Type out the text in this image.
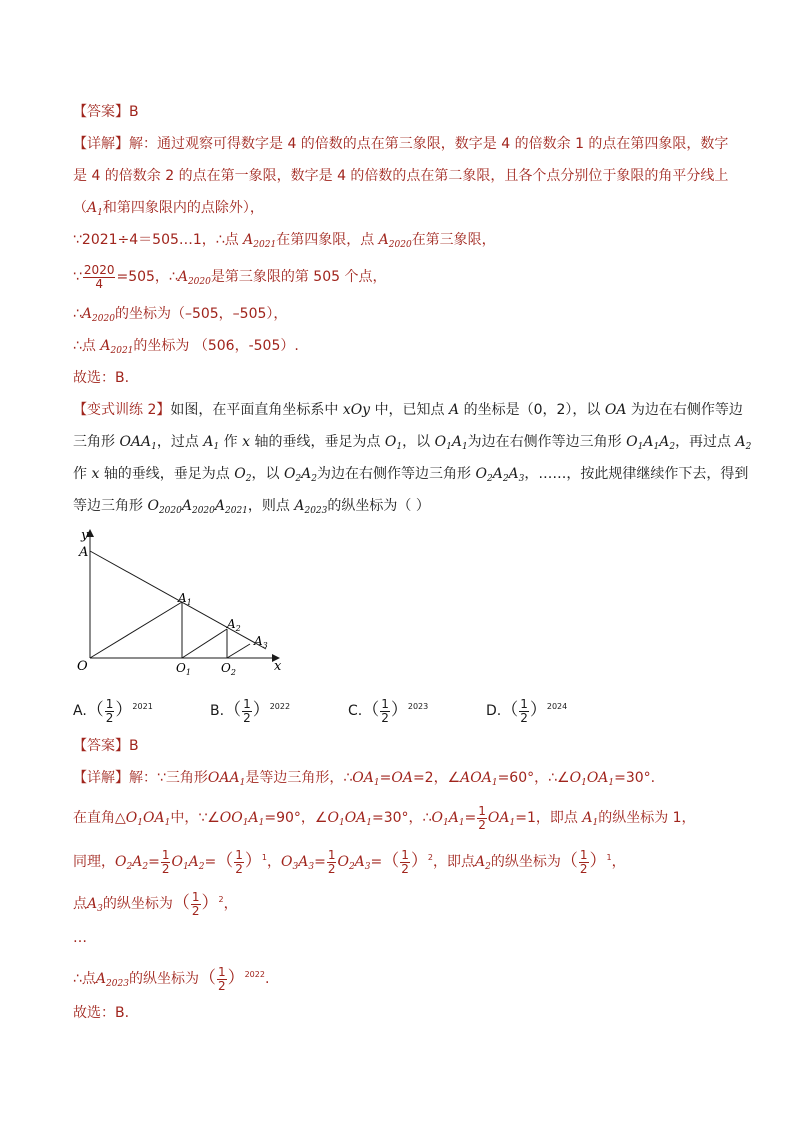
【答案】B
【详解】解：通过观察可得数字是 4 的倍数的点在第三象限，数字是 4 的倍数余 1 的点在第四象限，数字
是 4 的倍数余 2 的点在第一象限，数字是 4 的倍数的点在第二象限，且各个点分别位于象限的角平分线上
（$A_1$和第四象限内的点除外），
∵2021÷4＝505…1，∴点 $A_{2021}$在第四象限，点 $A_{2020}$在第三象限，
∵ $\frac{2020}{4} =505$，$\therefore A_{2020}$是第三象限的第 505 个点，
$\therefore A_{2020}$的坐标为（–505，–505），
∴点 $A_{2021}$的坐标为 （506，-505）.
故选：B.
【变式训练 2】如图，在平面直角坐标系中 xOy 中，已知点 A 的坐标是（0，2），以 OA 为边在右侧作等边
三角形 $OAA_1$，过点 $A_1$ 作 x 轴的垂线，垂足为点 $O_1$，以 $O_1A_1$为边在右侧作等边三角形 $O_1A_1A_2$，再过点 $A_2$
作 x 轴的垂线，垂足为点 $O_2$，以 $O_2A_2$为边在右侧作等边三角形 $O_2A_2A_3$，……，按此规律继续作下去，得到
等边三角形 $O_{2020}A_{2020}A_{2021}$，则点 $A_{2023}$的纵坐标为（ ）
y
A
O	x
$A_1$
$A_2$
$A_3$
$O_1$	$O_2$
$A.( \frac{1}{2} )^{2021}$	$B.( \frac{1}{2} )^{2022}$	$C.( \frac{1}{2} )^{2023}$	$D.( \frac{1}{2} )^{2024}$
【答案】B
【详解】解：∵三角形$OAA_1$是等边三角形，$\therefore OA_1=OA=2$，$\angle AOA_1=60^\circ$，$\therefore\angle O_1OA_1=30^\circ$.
在直角$\triangle O_1OA_1$中，$\because\angle OO_1A_1=90^\circ$，$\angle O_1OA_1=30^\circ$，$\therefore O_1A_1= \frac{1}{2} OA_1=1$，即点 $A_1$的纵坐标为 1，
同理，$O_2A_2= \frac{1}{2} O_1A_2=( \frac{1}{2} )^1$，$O_3A_3= \frac{1}{2} O_2A_3=( \frac{1}{2} )^2$，即点$A_2$的纵坐标为（ $\frac{1}{2} )^1$，
点$A_3$的纵坐标为（ $\frac{1}{2} )^2$，
…
∴点$A_{2023}$的纵坐标为（ $\frac{1}{2} )^{2022}$.
故选：B.
